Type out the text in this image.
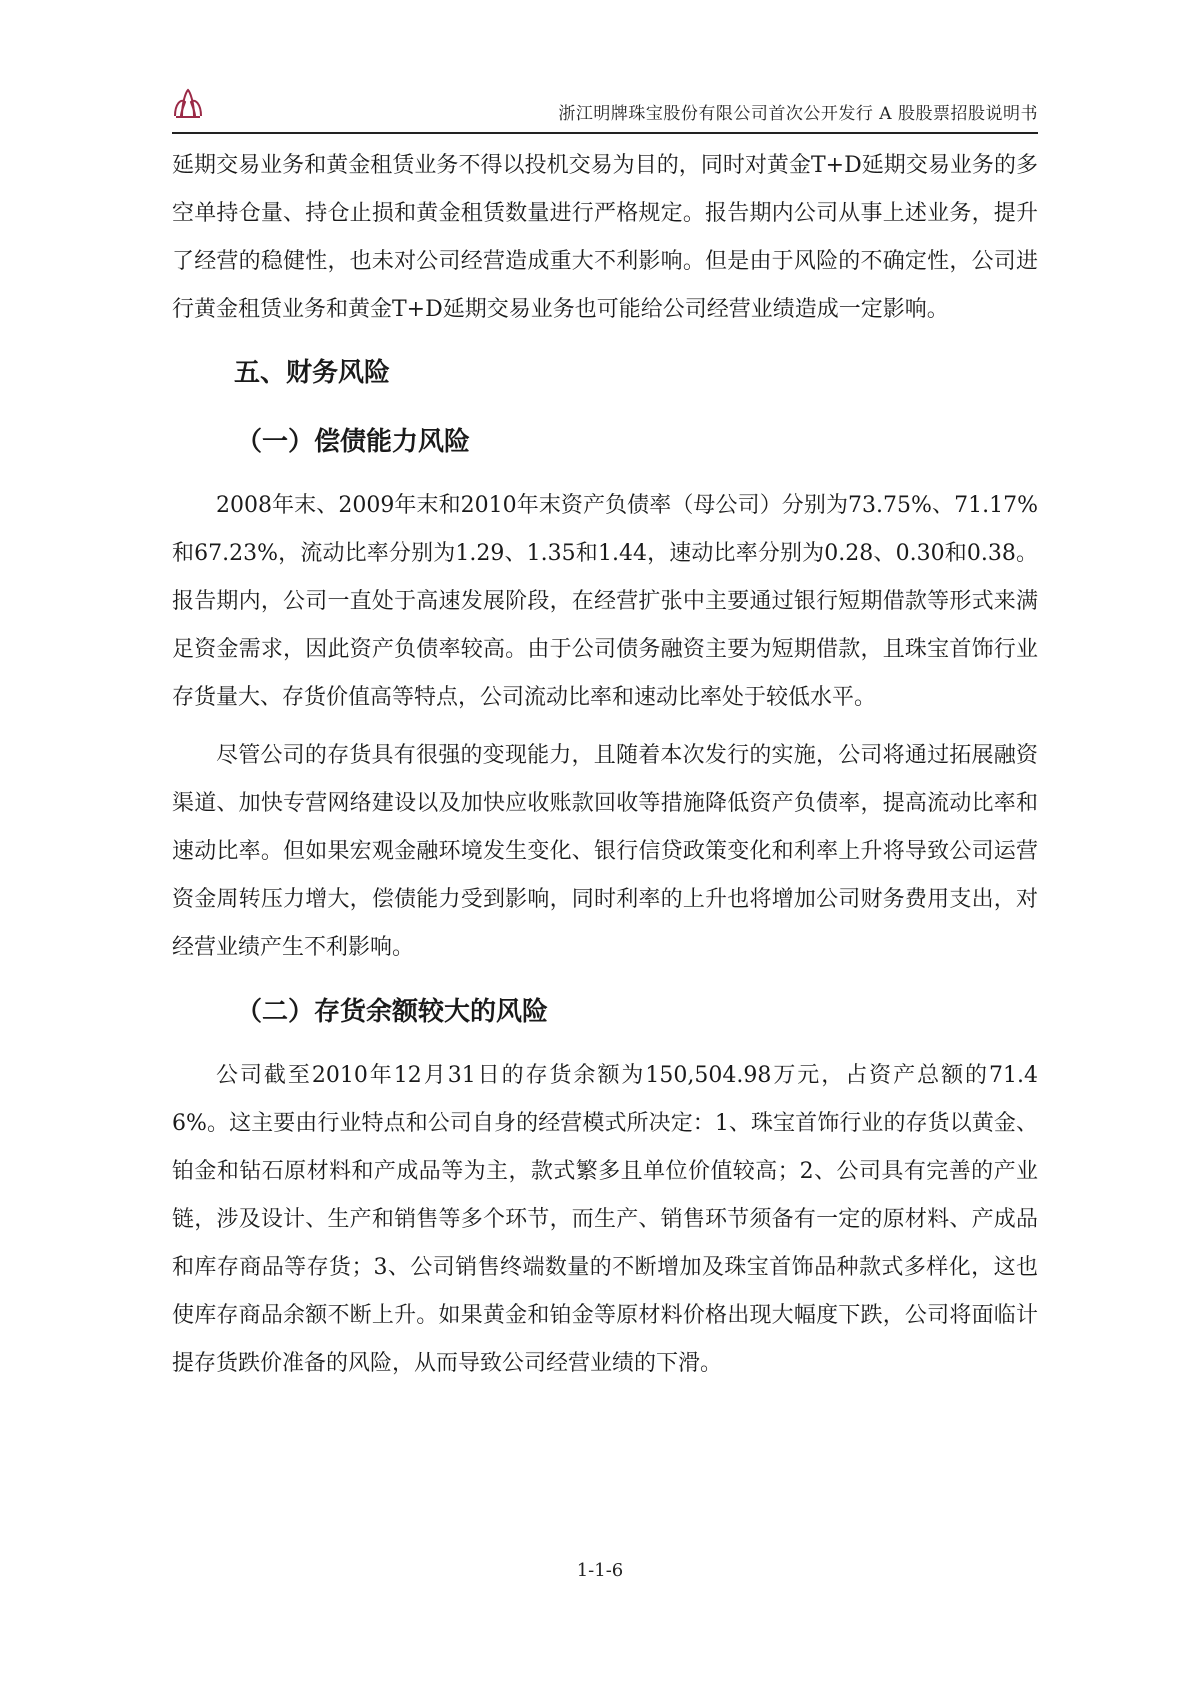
浙江明牌珠宝股份有限公司首次公开发行 A 股股票招股说明书

延期交易业务和黄金租赁业务不得以投机交易为目的，同时对黄金T+D延期交易业务的多空单持仓量、持仓止损和黄金租赁数量进行严格规定。报告期内公司从事上述业务，提升了经营的稳健性，也未对公司经营造成重大不利影响。但是由于风险的不确定性，公司进行黄金租赁业务和黄金T+D延期交易业务也可能给公司经营业绩造成一定影响。

五、财务风险
（一）偿债能力风险

2008年末、2009年末和2010年末资产负债率（母公司）分别为73.75%、71.17%和67.23%，流动比率分别为1.29、1.35和1.44，速动比率分别为0.28、0.30和0.38。报告期内，公司一直处于高速发展阶段，在经营扩张中主要通过银行短期借款等形式来满足资金需求，因此资产负债率较高。由于公司债务融资主要为短期借款，且珠宝首饰行业存货量大、存货价值高等特点，公司流动比率和速动比率处于较低水平。

尽管公司的存货具有很强的变现能力，且随着本次发行的实施，公司将通过拓展融资渠道、加快专营网络建设以及加快应收账款回收等措施降低资产负债率，提高流动比率和速动比率。但如果宏观金融环境发生变化、银行信贷政策变化和利率上升将导致公司运营资金周转压力增大，偿债能力受到影响，同时利率的上升也将增加公司财务费用支出，对经营业绩产生不利影响。

（二）存货余额较大的风险

公司截至2010年12月31日的存货余额为150,504.98万元，占资产总额的71.46%。这主要由行业特点和公司自身的经营模式所决定：1、珠宝首饰行业的存货以黄金、铂金和钻石原材料和产成品等为主，款式繁多且单位价值较高；2、公司具有完善的产业链，涉及设计、生产和销售等多个环节，而生产、销售环节须备有一定的原材料、产成品和库存商品等存货；3、公司销售终端数量的不断增加及珠宝首饰品种款式多样化，这也使库存商品余额不断上升。如果黄金和铂金等原材料价格出现大幅度下跌，公司将面临计提存货跌价准备的风险，从而导致公司经营业绩的下滑。

1-1-6
